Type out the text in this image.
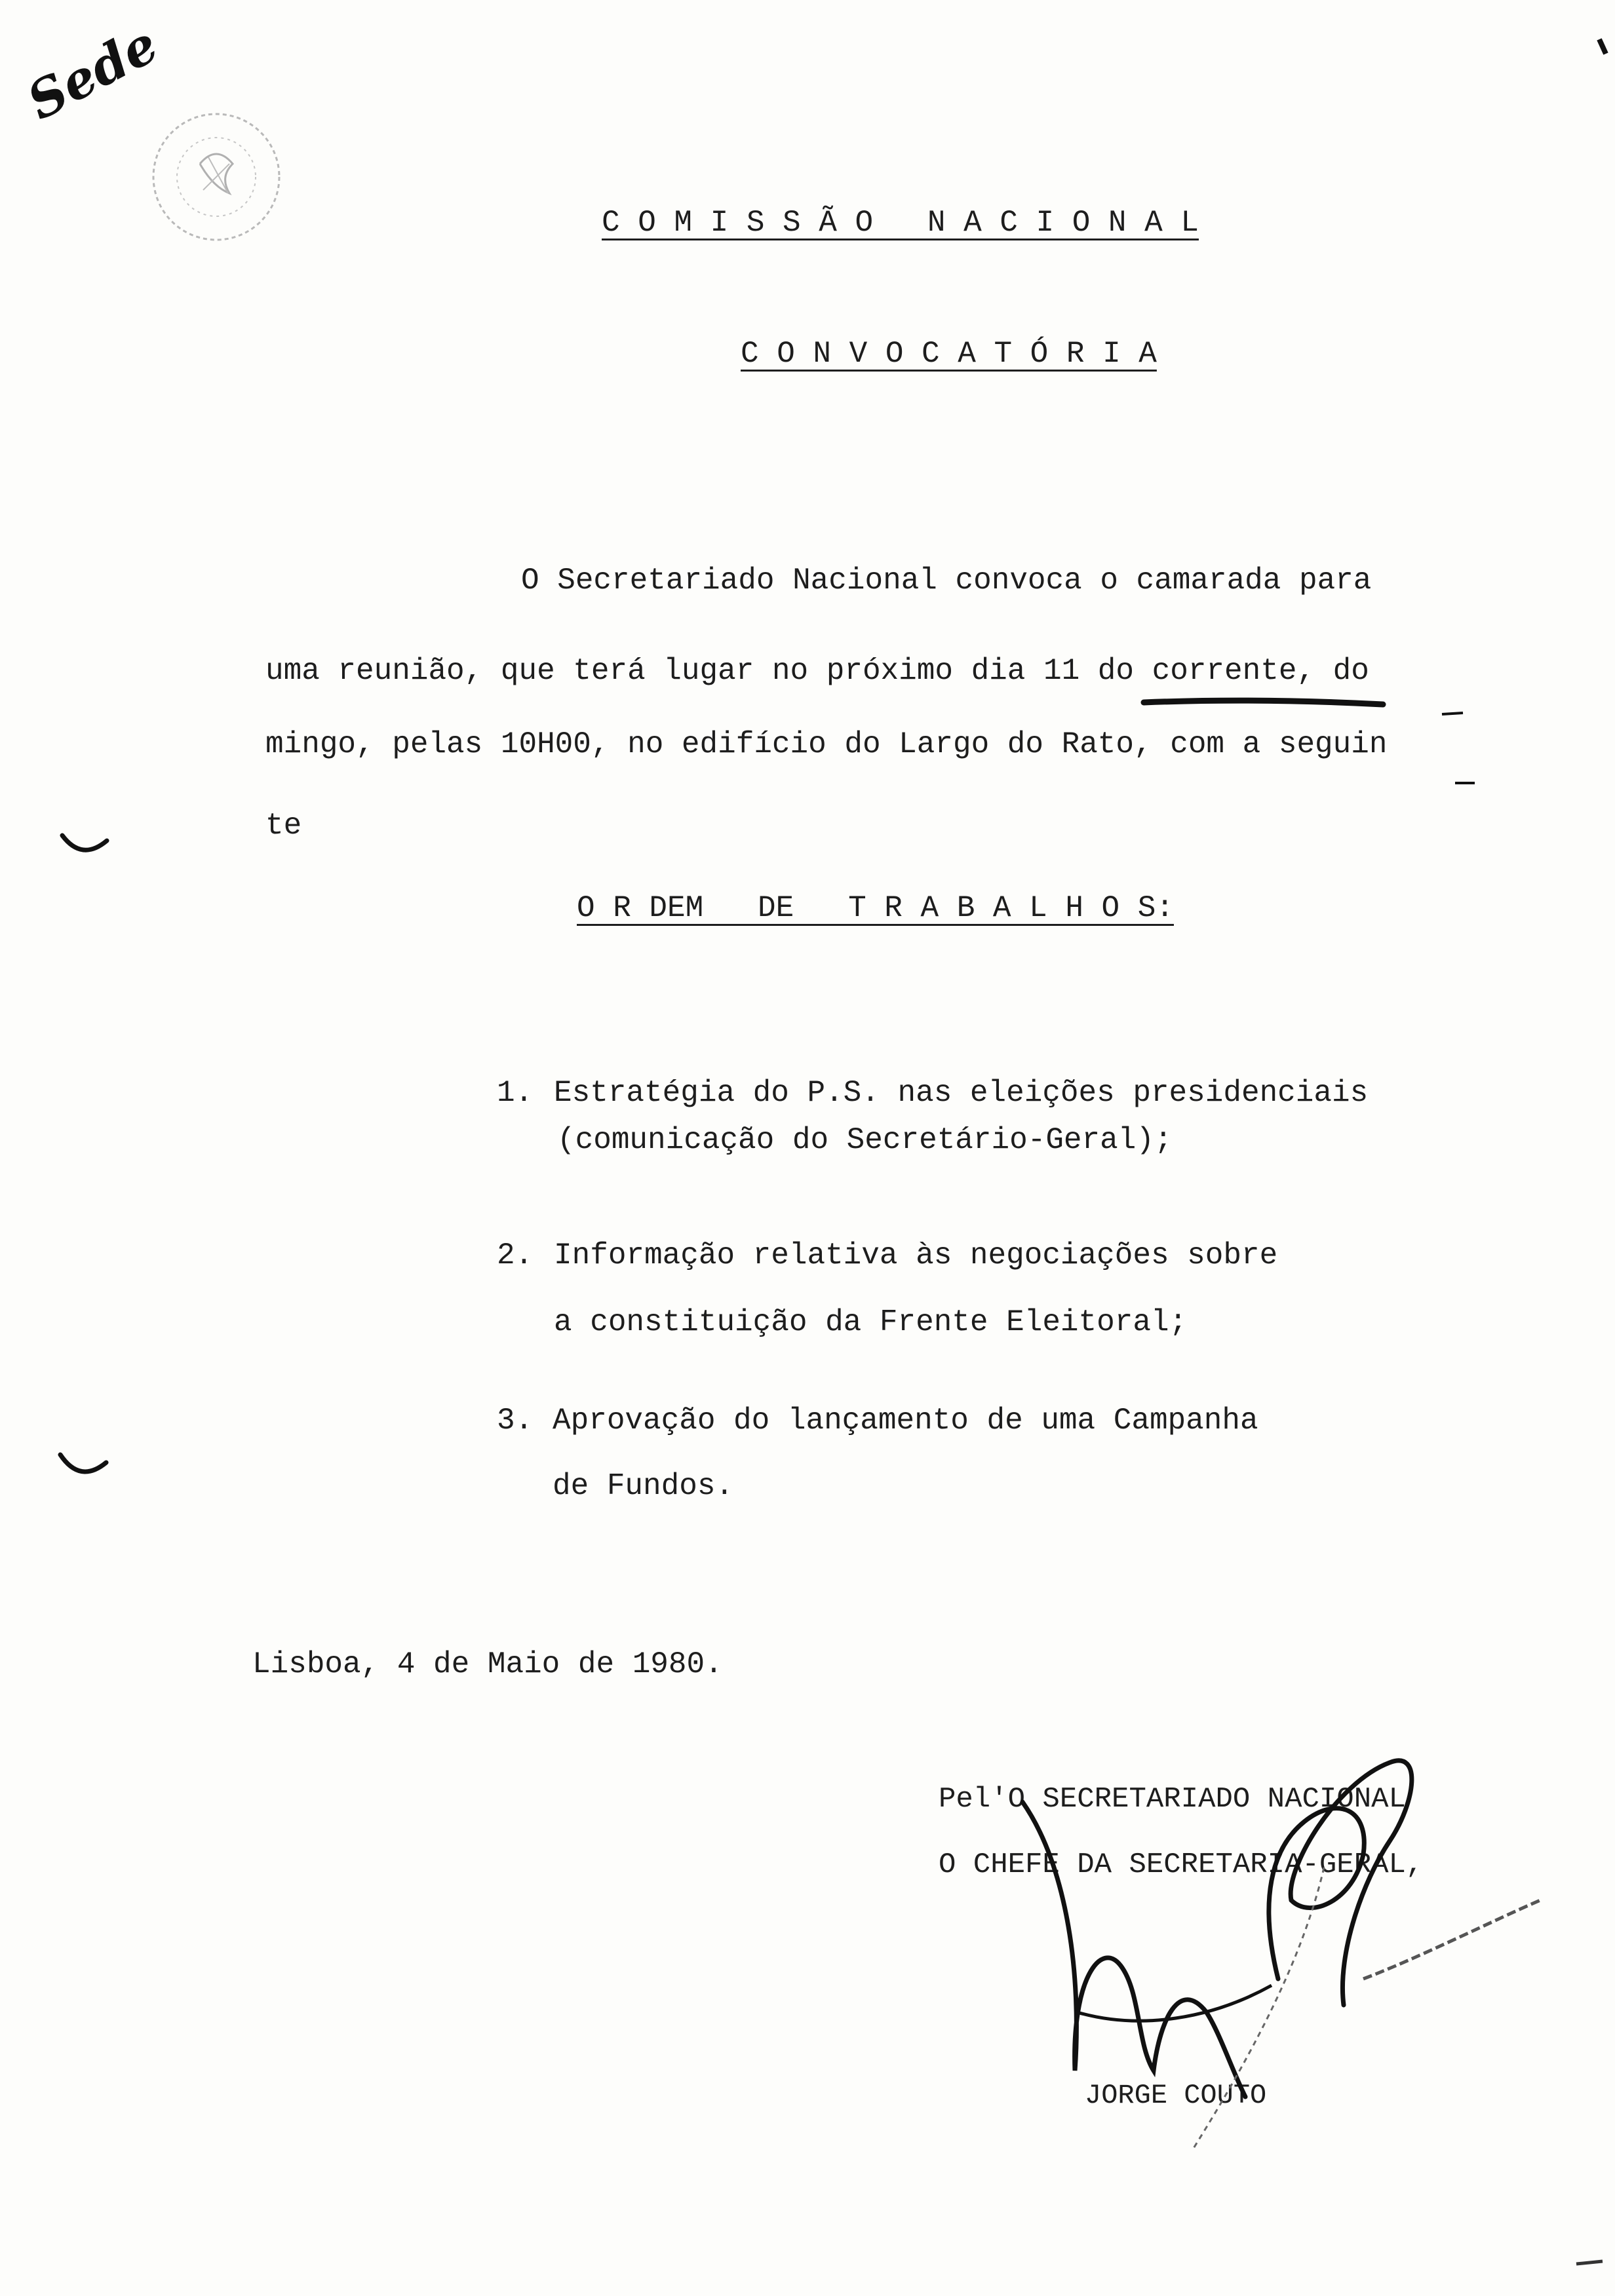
Sede
C O M I S S Ã O   N A C I O N A L
C O N V O C A T Ó R I A
O Secretariado Nacional convoca o camarada para
uma reunião, que terá lugar no próximo dia 11 do corrente, do
mingo, pelas 10H00, no edifício do Largo do Rato, com a seguin
te
O R DEM   DE   T R A B A L H O S:
1. Estratégia do P.S. nas eleições presidenciais
(comunicação do Secretário-Geral);
2. Informação relativa às negociações sobre
a constituição da Frente Eleitoral;
3. Aprovação do lançamento de uma Campanha
de Fundos.
Lisboa, 4 de Maio de 1980.
Pel'O SECRETARIADO NACIONAL
O CHEFE DA SECRETARIA-GERAL,
JORGE COUTO
